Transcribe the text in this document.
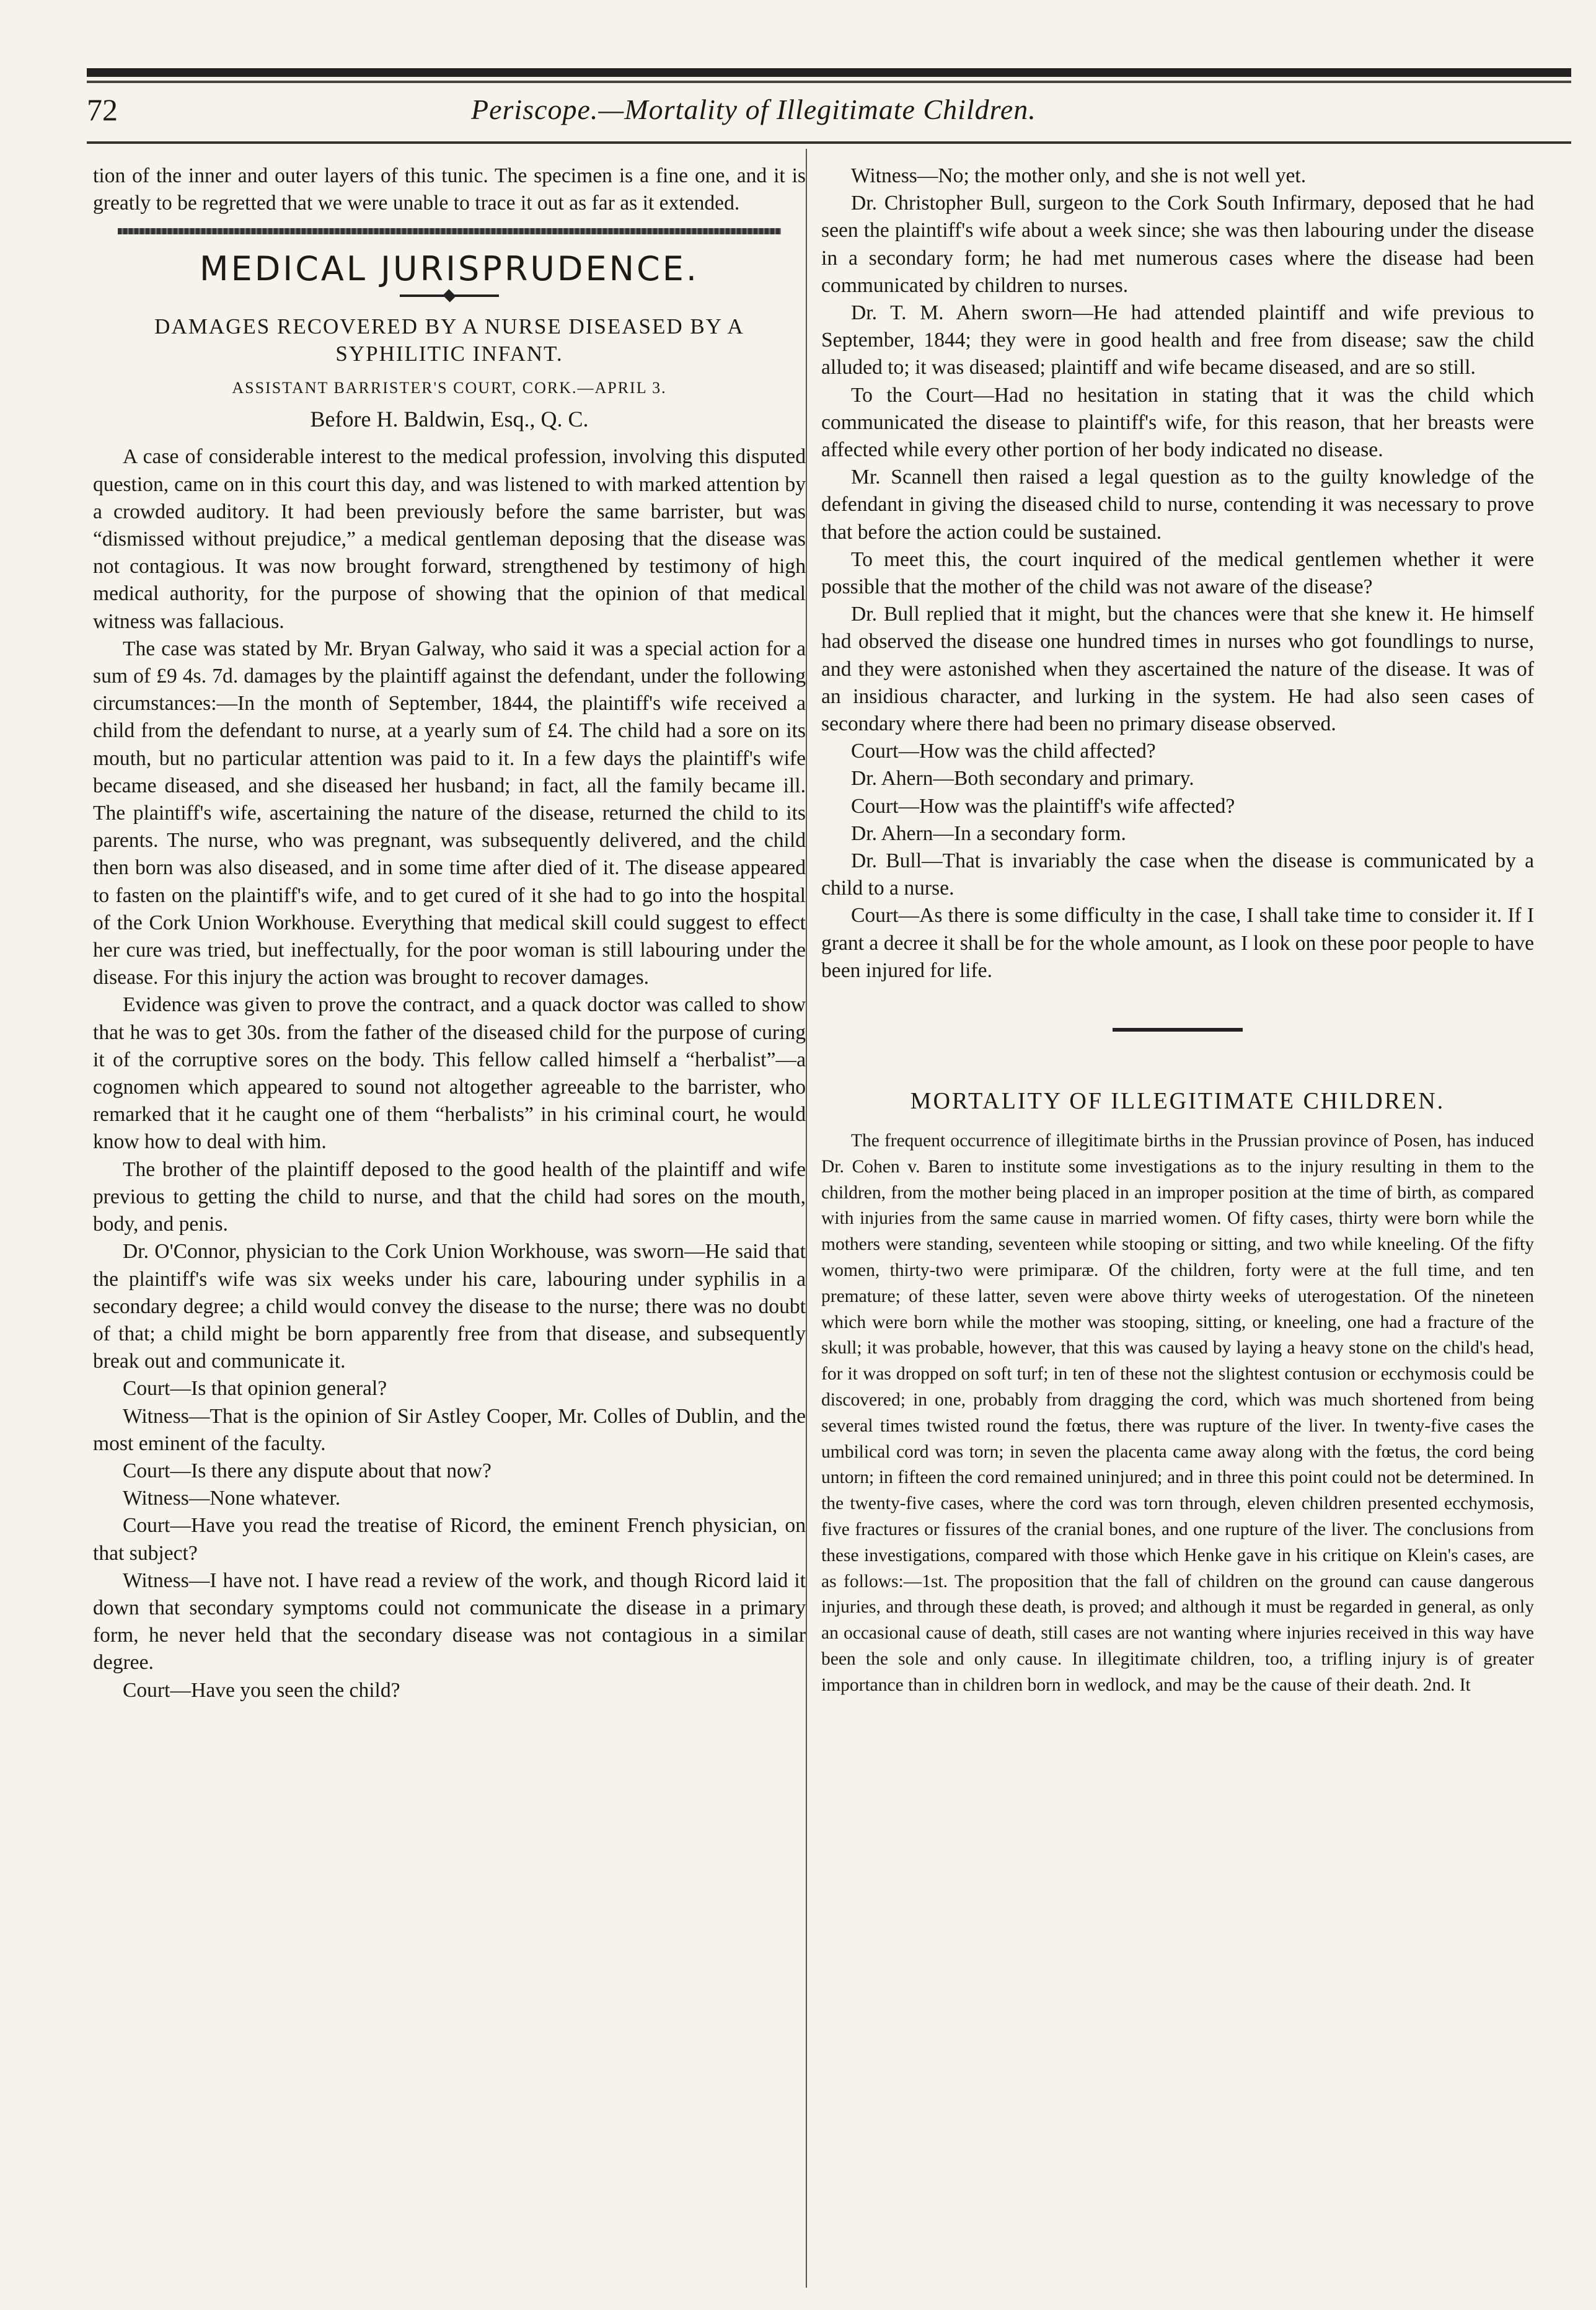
72	Periscope.—Mortality of Illegitimate Children.

tion of the inner and outer layers of this tunic. The specimen is a fine one, and it is greatly to be regretted that we were unable to trace it out as far as it extended.

MEDICAL JURISPRUDENCE.
DAMAGES RECOVERED BY A NURSE DISEASED BY A SYPHILITIC INFANT.
ASSISTANT BARRISTER'S COURT, CORK.—APRIL 3.
Before H. Baldwin, Esq., Q. C.

A case of considerable interest to the medical profession, involving this disputed question, came on in this court this day, and was listened to with marked attention by a crowded auditory. It had been previously before the same barrister, but was “dismissed without prejudice,” a medical gentleman deposing that the disease was not contagious. It was now brought forward, strengthened by testimony of high medical authority, for the purpose of showing that the opinion of that medical witness was fallacious.

The case was stated by Mr. Bryan Galway, who said it was a special action for a sum of £9 4s. 7d. damages by the plaintiff against the defendant, under the following circumstances:—In the month of September, 1844, the plaintiff's wife received a child from the defendant to nurse, at a yearly sum of £4. The child had a sore on its mouth, but no particular attention was paid to it. In a few days the plaintiff's wife became diseased, and she diseased her husband; in fact, all the family became ill. The plaintiff's wife, ascertaining the nature of the disease, returned the child to its parents. The nurse, who was pregnant, was subsequently delivered, and the child then born was also diseased, and in some time after died of it. The disease appeared to fasten on the plaintiff's wife, and to get cured of it she had to go into the hospital of the Cork Union Workhouse. Everything that medical skill could suggest to effect her cure was tried, but ineffectually, for the poor woman is still labouring under the disease. For this injury the action was brought to recover damages.

Evidence was given to prove the contract, and a quack doctor was called to show that he was to get 30s. from the father of the diseased child for the purpose of curing it of the corruptive sores on the body. This fellow called himself a “herbalist”—a cognomen which appeared to sound not altogether agreeable to the barrister, who remarked that it he caught one of them “herbalists” in his criminal court, he would know how to deal with him.

The brother of the plaintiff deposed to the good health of the plaintiff and wife previous to getting the child to nurse, and that the child had sores on the mouth, body, and penis.

Dr. O'Connor, physician to the Cork Union Workhouse, was sworn—He said that the plaintiff's wife was six weeks under his care, labouring under syphilis in a secondary degree; a child would convey the disease to the nurse; there was no doubt of that; a child might be born apparently free from that disease, and subsequently break out and communicate it.

Court—Is that opinion general?

Witness—That is the opinion of Sir Astley Cooper, Mr. Colles of Dublin, and the most eminent of the faculty.

Court—Is there any dispute about that now?

Witness—None whatever.

Court—Have you read the treatise of Ricord, the eminent French physician, on that subject?

Witness—I have not. I have read a review of the work, and though Ricord laid it down that secondary symptoms could not communicate the disease in a primary form, he never held that the secondary disease was not contagious in a similar degree.

Court—Have you seen the child?

Witness—No; the mother only, and she is not well yet.

Dr. Christopher Bull, surgeon to the Cork South Infirmary, deposed that he had seen the plaintiff's wife about a week since; she was then labouring under the disease in a secondary form; he had met numerous cases where the disease had been communicated by children to nurses.

Dr. T. M. Ahern sworn—He had attended plaintiff and wife previous to September, 1844; they were in good health and free from disease; saw the child alluded to; it was diseased; plaintiff and wife became diseased, and are so still.

To the Court—Had no hesitation in stating that it was the child which communicated the disease to plaintiff's wife, for this reason, that her breasts were affected while every other portion of her body indicated no disease.

Mr. Scannell then raised a legal question as to the guilty knowledge of the defendant in giving the diseased child to nurse, contending it was necessary to prove that before the action could be sustained.

To meet this, the court inquired of the medical gentlemen whether it were possible that the mother of the child was not aware of the disease?

Dr. Bull replied that it might, but the chances were that she knew it. He himself had observed the disease one hundred times in nurses who got foundlings to nurse, and they were astonished when they ascertained the nature of the disease. It was of an insidious character, and lurking in the system. He had also seen cases of secondary where there had been no primary disease observed.

Court—How was the child affected?

Dr. Ahern—Both secondary and primary.

Court—How was the plaintiff's wife affected?

Dr. Ahern—In a secondary form.

Dr. Bull—That is invariably the case when the disease is communicated by a child to a nurse.

Court—As there is some difficulty in the case, I shall take time to consider it. If I grant a decree it shall be for the whole amount, as I look on these poor people to have been injured for life.

MORTALITY OF ILLEGITIMATE CHILDREN.

The frequent occurrence of illegitimate births in the Prussian province of Posen, has induced Dr. Cohen v. Baren to institute some investigations as to the injury resulting in them to the children, from the mother being placed in an improper position at the time of birth, as compared with injuries from the same cause in married women. Of fifty cases, thirty were born while the mothers were standing, seventeen while stooping or sitting, and two while kneeling. Of the fifty women, thirty-two were primiparæ. Of the children, forty were at the full time, and ten premature; of these latter, seven were above thirty weeks of uterogestation. Of the nineteen which were born while the mother was stooping, sitting, or kneeling, one had a fracture of the skull; it was probable, however, that this was caused by laying a heavy stone on the child's head, for it was dropped on soft turf; in ten of these not the slightest contusion or ecchymosis could be discovered; in one, probably from dragging the cord, which was much shortened from being several times twisted round the fœtus, there was rupture of the liver. In twenty-five cases the umbilical cord was torn; in seven the placenta came away along with the fœtus, the cord being untorn; in fifteen the cord remained uninjured; and in three this point could not be determined. In the twenty-five cases, where the cord was torn through, eleven children presented ecchymosis, five fractures or fissures of the cranial bones, and one rupture of the liver. The conclusions from these investigations, compared with those which Henke gave in his critique on Klein's cases, are as follows:—1st. The proposition that the fall of children on the ground can cause dangerous injuries, and through these death, is proved; and although it must be regarded in general, as only an occasional cause of death, still cases are not wanting where injuries received in this way have been the sole and only cause. In illegitimate children, too, a trifling injury is of greater importance than in children born in wedlock, and may be the cause of their death. 2nd. It
